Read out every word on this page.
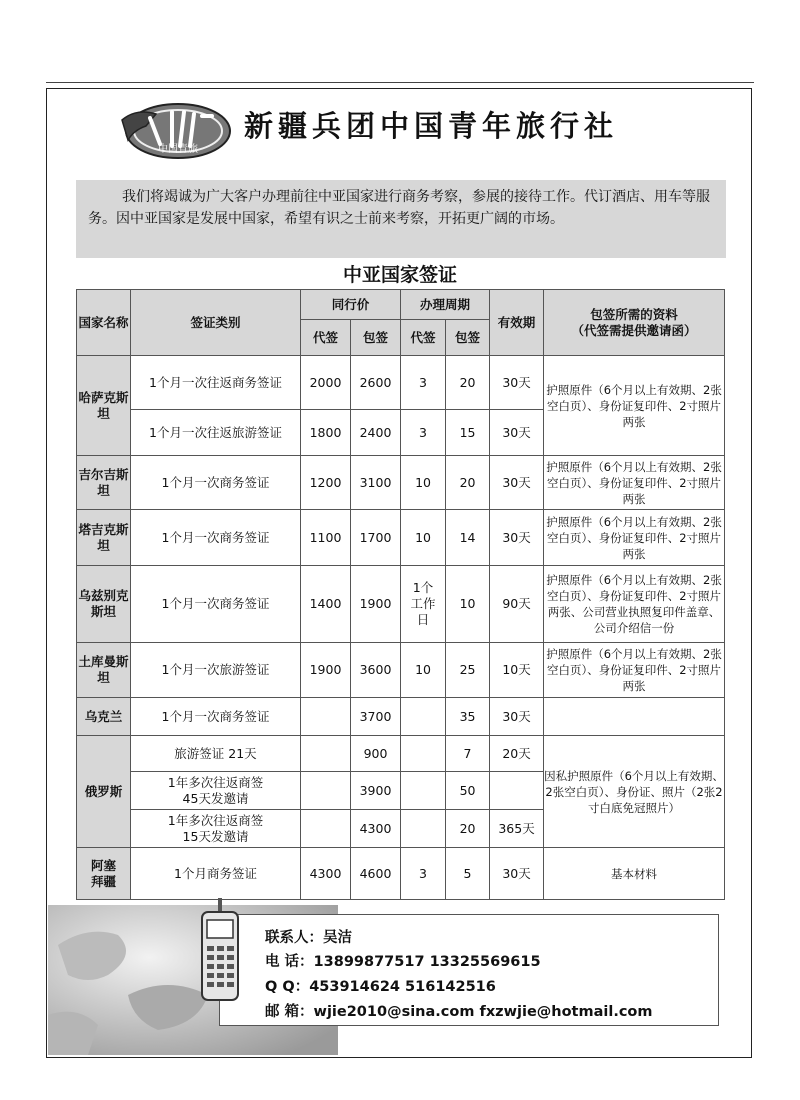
中国青旅
新疆兵团中国青年旅行社

我们将竭诚为广大客户办理前往中亚国家进行商务考察，参展的接待工作。代订酒店、用车等服务。因中亚国家是发展中国家，希望有识之士前来考察，开拓更广阔的市场。

中亚国家签证
国家名称	签证类别	同行价		办理周期		有效期	包签所需的资料
（代签需提供邀请函）

		代签	包签	代签	包签		
哈萨克斯坦	1个月一次往返商务签证	2000	2600	3	20	30天	护照原件（6个月以上有效期、2张空白页）、身份证复印件、2寸照片两张
	1个月一次往返旅游签证	1800	2400	3	15	30天	
吉尔吉斯坦	1个月一次商务签证	1200	3100	10	20	30天	护照原件（6个月以上有效期、2张空白页）、身份证复印件、2寸照片两张
塔吉克斯坦	1个月一次商务签证	1100	1700	10	14	30天	护照原件（6个月以上有效期、2张空白页）、身份证复印件、2寸照片两张
乌兹别克斯坦	1个月一次商务签证	1400	1900	1个工作日	10	90天	护照原件（6个月以上有效期、2张空白页）、身份证复印件、2寸照片两张、公司营业执照复印件盖章、公司介绍信一份
土库曼斯坦	1个月一次旅游签证	1900	3600	10	25	10天	护照原件（6个月以上有效期、2张空白页）、身份证复印件、2寸照片两张
乌克兰	1个月一次商务签证		3700		35	30天	
俄罗斯	旅游签证 21天		900		7	20天	因私护照原件（6个月以上有效期、2张空白页）、身份证、照片（2张2寸白底免冠照片）
	1年多次往返商签45天发邀请		3900		50		
	1年多次往返商签15天发邀请		4300		20	365天	
阿塞拜疆	1个月商务签证	4300	4600	3	5	30天	基本材料
联系人：吴洁
电 话：13899877517 13325569615
Q Q：453914624 516142516
邮 箱：wjie2010@sina.com fxzwjie@hotmail.com
